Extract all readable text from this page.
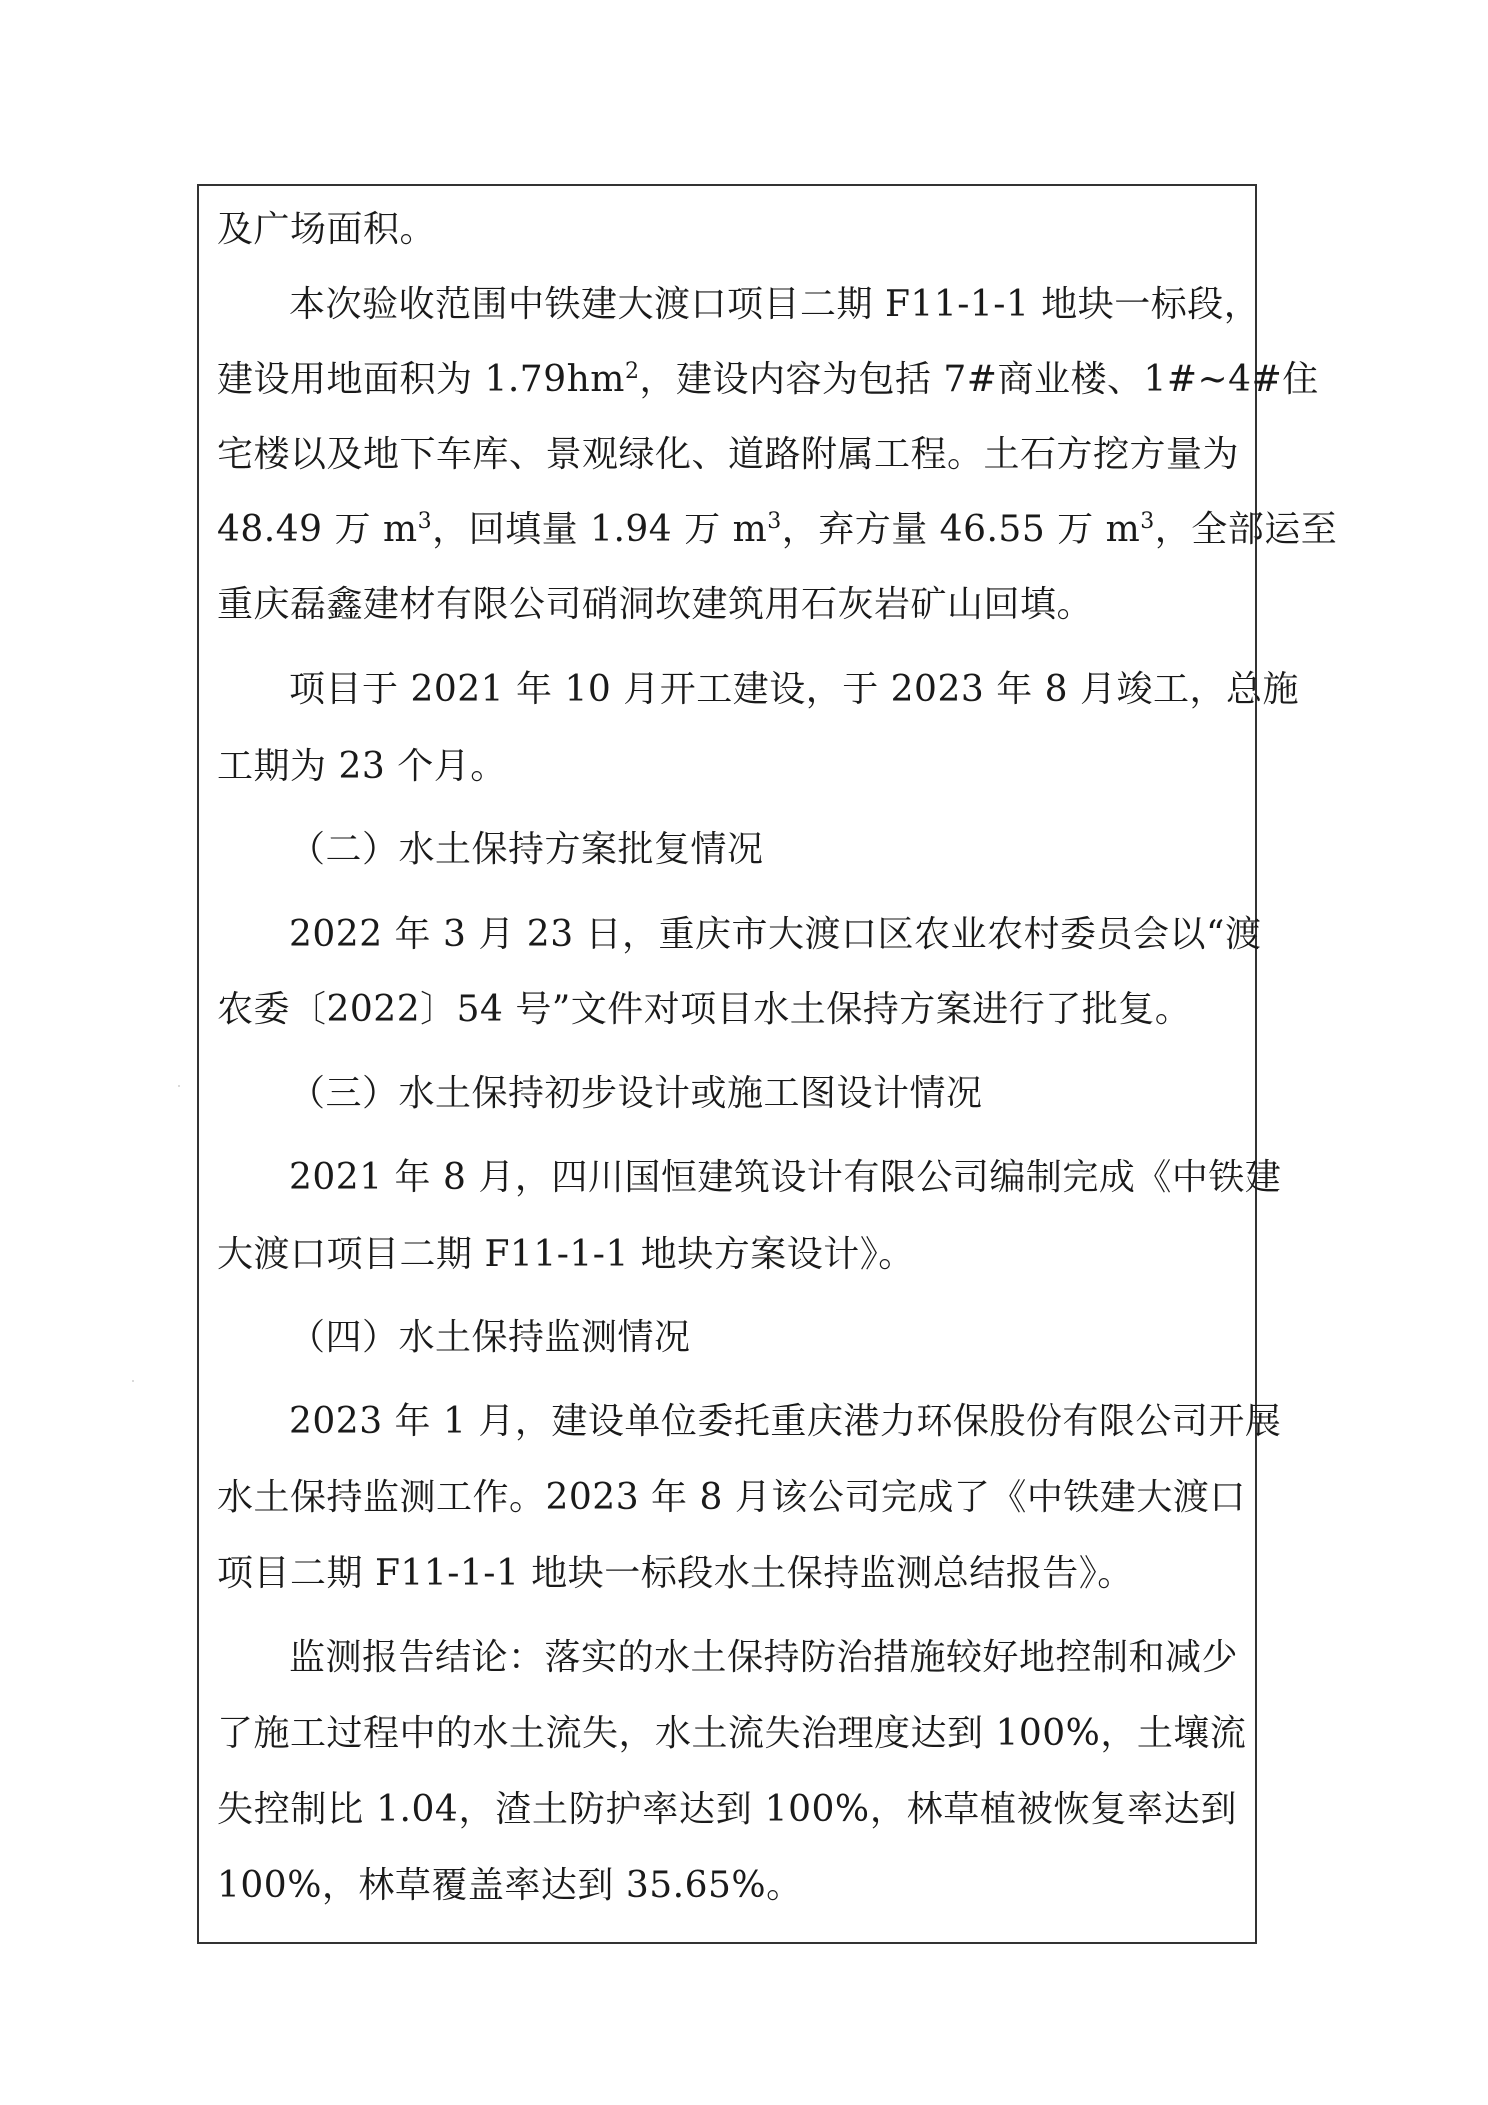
及广场面积。
本次验收范围中铁建大渡口项目二期 F11-1-1 地块一标段，
建设用地面积为 $1.79hm^2$，建设内容为包括 7#商业楼、1#~4#住
宅楼以及地下车库、景观绿化、道路附属工程。土石方挖方量为
48.49 万 $m^3$，回填量 1.94 万 $m^3$，弃方量 46.55 万 $m^3$，全部运至
重庆磊鑫建材有限公司硝洞坎建筑用石灰岩矿山回填。
项目于 2021 年 10 月开工建设，于 2023 年 8 月竣工，总施
工期为 23 个月。
（二）水土保持方案批复情况
2022 年 3 月 23 日，重庆市大渡口区农业农村委员会以“渡
农委〔2022〕54 号”文件对项目水土保持方案进行了批复。
（三）水土保持初步设计或施工图设计情况
2021 年 8 月，四川国恒建筑设计有限公司编制完成《中铁建
大渡口项目二期 F11-1-1 地块方案设计》。
（四）水土保持监测情况
2023 年 1 月，建设单位委托重庆港力环保股份有限公司开展
水土保持监测工作。2023 年 8 月该公司完成了《中铁建大渡口
项目二期 F11-1-1 地块一标段水土保持监测总结报告》。
监测报告结论：落实的水土保持防治措施较好地控制和减少
了施工过程中的水土流失，水土流失治理度达到 100%，土壤流
失控制比 1.04，渣土防护率达到 100%，林草植被恢复率达到
100%，林草覆盖率达到 35.65%。
